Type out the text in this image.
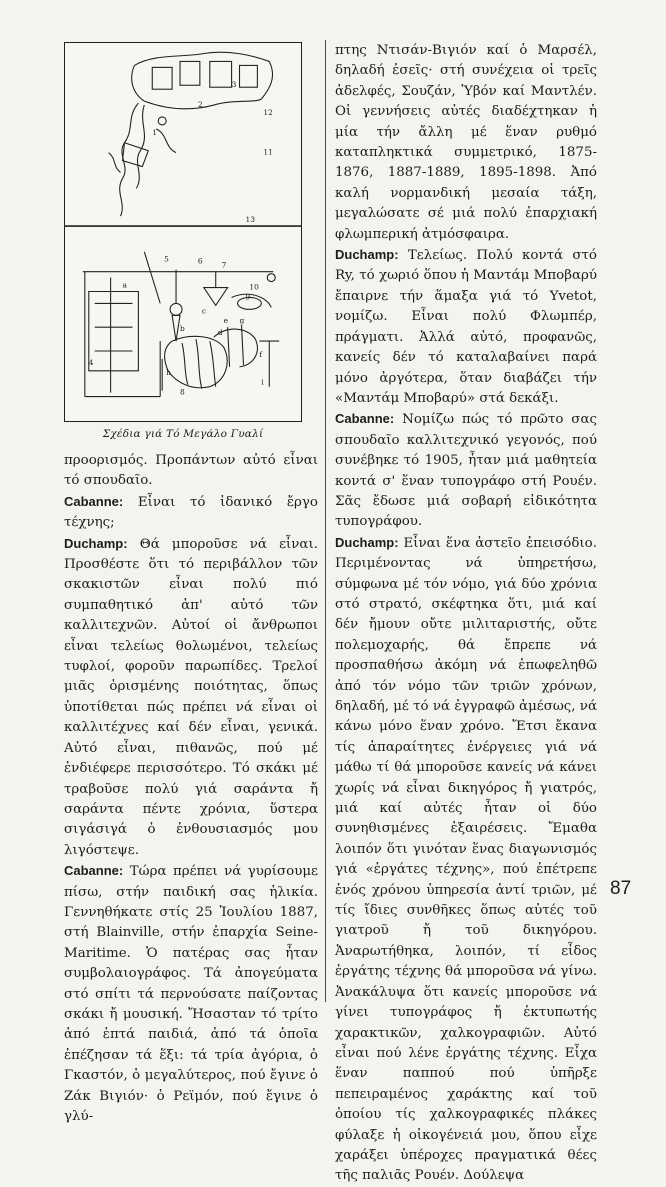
12
11
2
1
3
13
4
5	6	7
8
9
10
a
b
c
d
e
f
g
h
i
Σχέδια γιά Τό Μεγάλο Γυαλί

προορισμός. Προπάντων αὐτό εἶναι τό σπουδαῖο.

Cabanne: Εἶναι τό ἰδανικό ἔργο τέχνης;

Duchamp: Θά μποροῦσε νά εἶναι. Προσθέστε ὅτι τό περιβάλλον τῶν σκακιστῶν εἶναι πολύ πιό συμπαθητικό ἀπ' αὐτό τῶν καλλιτεχνῶν. Αὐτοί οἱ ἄνθρωποι εἶναι τελείως θολωμένοι, τελείως τυφλοί, φοροῦν παρωπίδες. Τρελοί μιᾶς ὁρισμένης ποιότητας, ὅπως ὑποτίθεται πώς πρέπει νά εἶναι οἱ καλλιτέχνες καί δέν εἶναι, γενικά. Αὐτό εἶναι, πιθανῶς, πού μέ ἐνδιέφερε περισσότερο. Τό σκάκι μέ τραβοῦσε πολύ γιά σαράντα ἤ σαράντα πέντε χρόνια, ὕστερα σιγάσιγά ὁ ἐνθουσιασμός μου λιγόστεψε.

Cabanne: Τώρα πρέπει νά γυρίσουμε πίσω, στήν παιδική σας ἡλικία. Γεννηθήκατε στίς 25 Ἰουλίου 1887, στή Blainville, στήν ἐπαρχία Seine-Maritime. Ὁ πατέρας σας ἦταν συμβολαιογράφος. Τά ἀπογεύματα στό σπίτι τά περνούσατε παίζοντας σκάκι ἤ μουσική. Ἤσασταν τό τρίτο ἀπό ἑπτά παιδιά, ἀπό τά ὁποῖα ἐπέζησαν τά ἕξι: τά τρία ἀγόρια, ὁ Γκαστόν, ὁ μεγαλύτερος, πού ἔγινε ὁ Ζάκ Βιγιόν· ὁ Ρεϊμόν, πού ἔγινε ὁ γλύ-

πτης Ντισάν-Βιγιόν καί ὁ Μαρσέλ, δηλαδή ἐσεῖς· στή συνέχεια οἱ τρεῖς ἀδελφές, Σουζάν, Ὑβόν καί Μαντλέν. Οἱ γεννήσεις αὐτές διαδέχτηκαν ἡ μία τήν ἄλλη μέ ἕναν ρυθμό καταπληκτικά συμμετρικό, 1875-1876, 1887-1889, 1895-1898. Ἀπό καλή νορμανδική μεσαία τάξη, μεγαλώσατε σέ μιά πολύ ἐπαρχιακή φλωμπερική ἀτμόσφαιρα.

Duchamp: Τελείως. Πολύ κοντά στό Ry, τό χωριό ὅπου ἡ Μαντάμ Μποβαρύ ἔπαιρνε τήν ἅμαξα γιά τό Yvetot, νομίζω. Εἶναι πολύ Φλωμπέρ, πράγματι. Ἀλλά αὐτό, προφανῶς, κανείς δέν τό καταλαβαίνει παρά μόνο ἀργότερα, ὅταν διαβάζει τήν «Μαντάμ Μποβαρύ» στά δεκάξι.

Cabanne: Νομίζω πώς τό πρῶτο σας σπουδαῖο καλλιτεχνικό γεγονός, πού συνέβηκε τό 1905, ἦταν μιά μαθητεία κοντά σ' ἕναν τυπογράφο στή Ρουέν. Σᾶς ἔδωσε μιά σοβαρή εἰδικότητα τυπογράφου.

Duchamp: Εἶναι ἕνα ἀστεῖο ἐπεισόδιο. Περιμένοντας νά ὑπηρετήσω, σύμφωνα μέ τόν νόμο, γιά δύο χρόνια στό στρατό, σκέφτηκα ὅτι, μιά καί δέν ἤμουν οὔτε μιλιταριστής, οὔτε πολεμοχαρής, θά ἔπρεπε νά προσπαθήσω ἀκόμη νά ἐπωφεληθῶ ἀπό τόν νόμο τῶν τριῶν χρόνων, δηλαδή, μέ τό νά ἐγγραφῶ ἀμέσως, νά κάνω μόνο ἕναν χρόνο. Ἔτσι ἔκανα τίς ἀπαραίτητες ἐνέργειες γιά νά μάθω τί θά μποροῦσε κανείς νά κάνει χωρίς νά εἶναι δικηγόρος ἤ γιατρός, μιά καί αὐτές ἦταν οἱ δύο συνηθισμένες ἐξαιρέσεις. Ἔμαθα λοιπόν ὅτι γινόταν ἕνας διαγωνισμός γιά «ἐργάτες τέχνης», πού ἐπέτρεπε ἑνός χρόνου ὑπηρεσία ἀντί τριῶν, μέ τίς ἴδιες συνθῆκες ὅπως αὐτές τοῦ γιατροῦ ἤ τοῦ δικηγόρου. Ἀναρωτήθηκα, λοιπόν, τί εἶδος ἐργάτης τέχνης θά μποροῦσα νά γίνω. Ἀνακάλυψα ὅτι κανείς μποροῦσε νά γίνει τυπογράφος ἤ ἐκτυπωτής χαρακτικῶν, χαλκογραφιῶν. Αὐτό εἶναι πού λένε ἐργάτης τέχνης. Εἶχα ἕναν παππού πού ὑπῆρξε πεπειραμένος χαράκτης καί τοῦ ὁποίου τίς χαλκογραφικές πλάκες φύλαξε ἡ οἰκογένειά μου, ὅπου εἶχε χαράξει ὑπέροχες πραγματικά θέες τῆς παλιᾶς Ρουέν. Δούλεψα

87
